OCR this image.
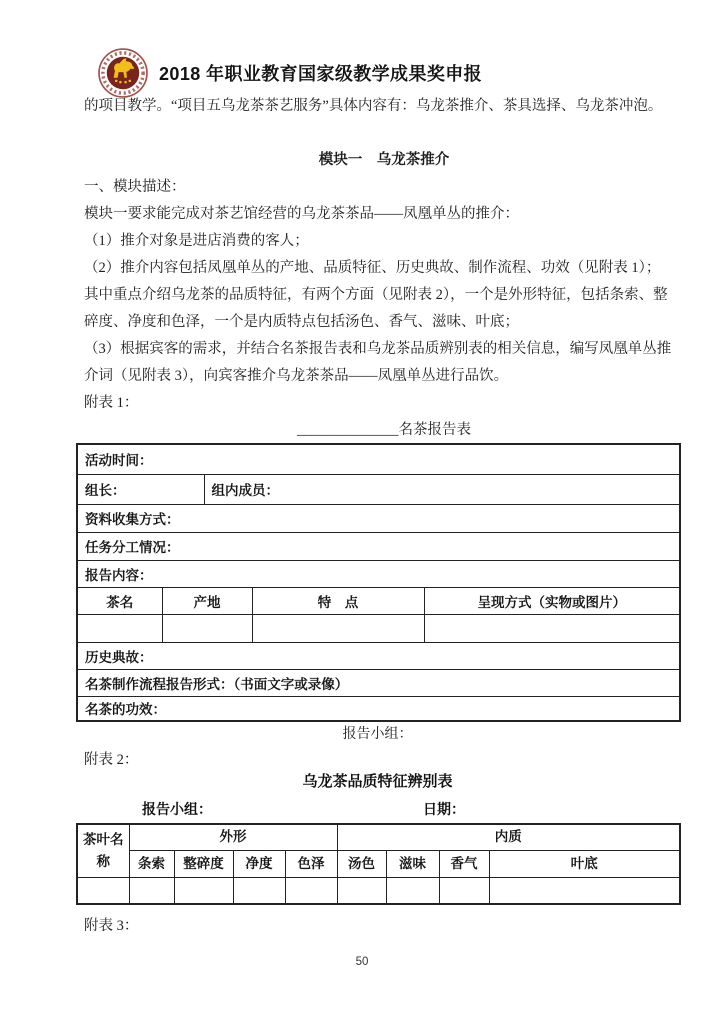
2018 年职业教育国家级教学成果奖申报
的项目教学。“项目五乌龙茶茶艺服务”具体内容有：乌龙茶推介、茶具选择、乌龙茶冲泡。
模块一　乌龙茶推介
一、模块描述：
模块一要求能完成对茶艺馆经营的乌龙茶茶品——凤凰单丛的推介：
（1）推介对象是进店消费的客人；
（2）推介内容包括凤凰单丛的产地、品质特征、历史典故、制作流程、功效（见附表 1）；
其中重点介绍乌龙茶的品质特征，有两个方面（见附表 2），一个是外形特征，包括条索、整
碎度、净度和色泽，一个是内质特点包括汤色、香气、滋味、叶底；
（3）根据宾客的需求，并结合名茶报告表和乌龙茶品质辨别表的相关信息，编写凤凰单丛推
介词（见附表 3），向宾客推介乌龙茶茶品——凤凰单丛进行品饮。
附表 1：
______________名茶报告表
活动时间：				
组长：		组内成员：		
资料收集方式：				
任务分工情况：				
报告内容：				
茶名	产地		特　点	呈现方式（实物或图片）

历史典故：				
名茶制作流程报告形式：（书面文字或录像）				
名茶的功效：				
报告小组：
附表 2：
乌龙茶品质特征辨别表
报告小组：	日期：
茶叶名
称	外形				内质			
	条索	整碎度	净度	色泽	汤色	滋味	香气	叶底

附表 3：
50
